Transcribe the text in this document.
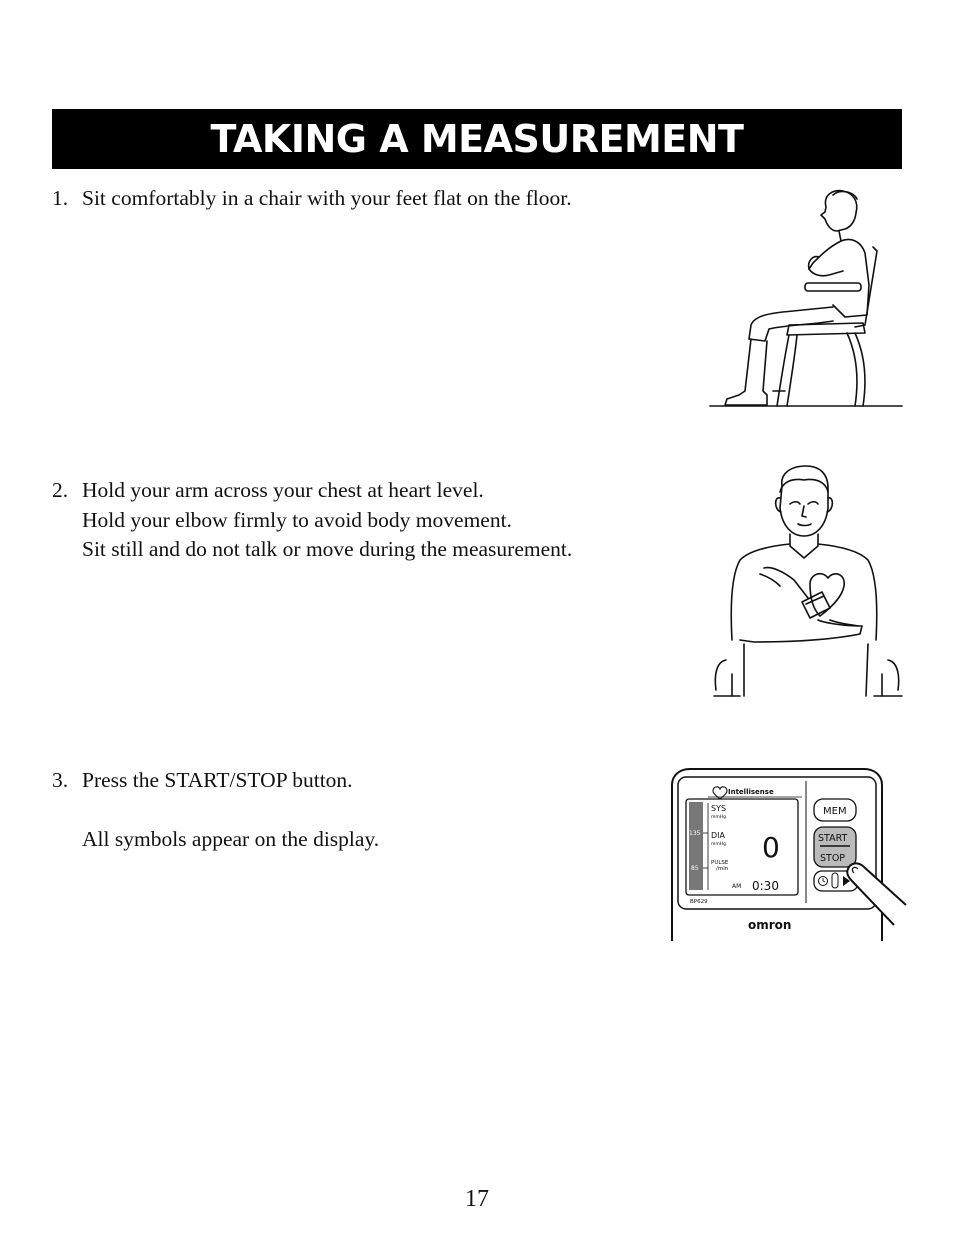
TAKING A MEASUREMENT
1. Sit comfortably in a chair with your feet flat on the floor.
2. Hold your arm across your chest at heart level.
Hold your elbow firmly to avoid body movement.
Sit still and do not talk or move during the measurement.
3. Press the START/STOP button.
All symbols appear on the display.
Intellisense
135
85
SYS
mmHg
DIA
mmHg
PULSE
/min
0
AM 0:30
BP629
omron
MEM
START
STOP
17
